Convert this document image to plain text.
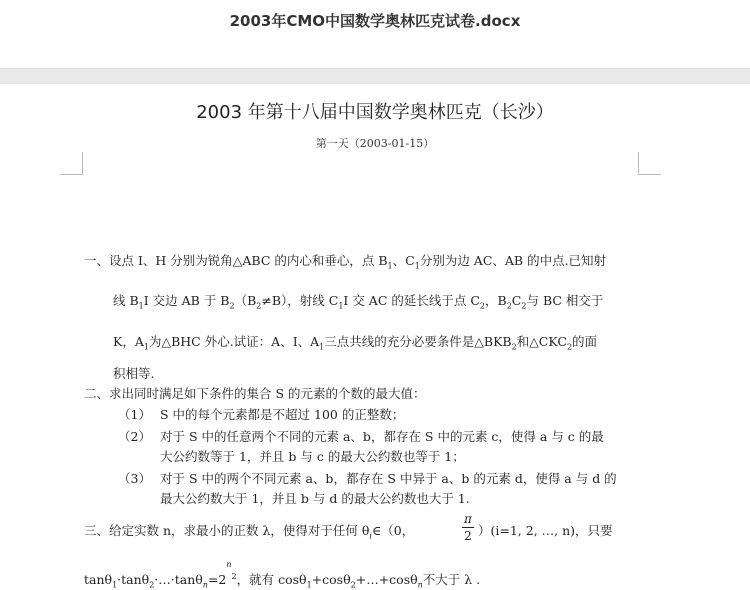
2003年CMO中国数学奥林匹克试卷.docx
2003 年第十八届中国数学奥林匹克（长沙）
第一天（2003-01-15）
一、设点 I、H 分别为锐角△ABC 的内心和垂心，点 $B_1$、$C_1$分别为边 AC、AB 的中点.已知射
线 $B_1I$ 交边 AB 于 $B_2(B_2\ne B)$，射线 $C_1I$ 交 AC 的延长线于点 $C_2$，$B_2C_2$与 BC 相交于
K，$A_1$为△BHC 外心.试证：A、I、$A_1$三点共线的充分必要条件是$\triangle BKB_2$和$\triangle CKC_2$的面
积相等.
二、求出同时满足如下条件的集合 S 的元素的个数的最大值：
（1） S 中的每个元素都是不超过 100 的正整数；
（2） 对于 S 中的任意两个不同的元素 a、b，都存在 S 中的元素 c，使得 a 与 c 的最
大公约数等于 1，并且 b 与 c 的最大公约数也等于 1；
（3） 对于 S 中的两个不同元素 a、b，都存在 S 中异于 a、b 的元素 d，使得 a 与 d 的
最大公约数大于 1，并且 b 与 d 的最大公约数也大于 1.
三、给定实数 n，求最小的正数 λ，使得对于任何 $\theta_i\in(0$，
π
2 ）(i=1, 2, …, n)，只要
$\tan\theta_1\cdot\tan\theta_2\cdot\dots\cdot\tan\theta_n=2^{n2}$，就有 cosθ$_1$+cosθ$_2$+…+cosθ$_n$不大于 λ .
